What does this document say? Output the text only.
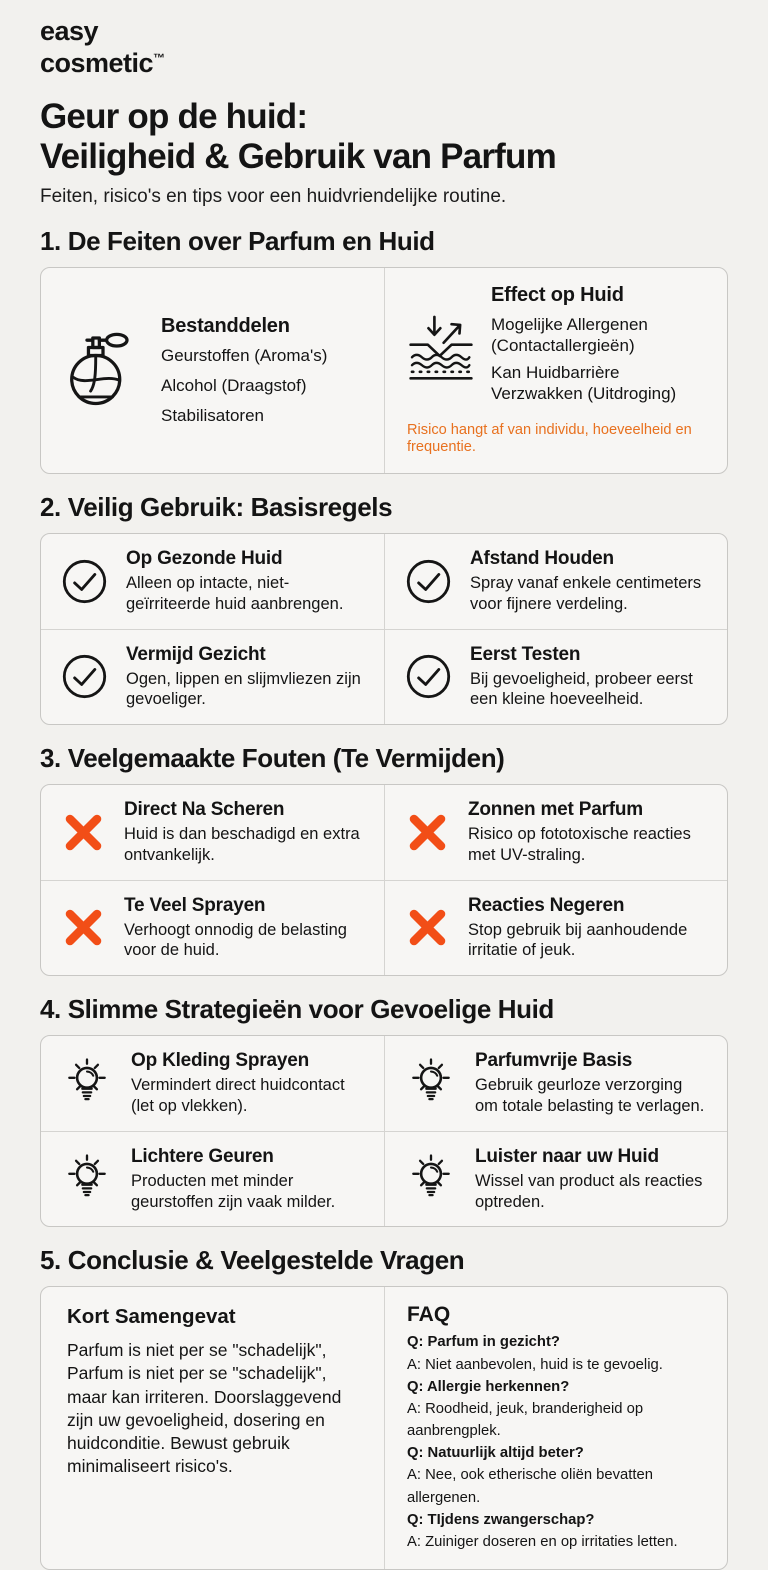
easy
cosmetic™
Geur op de huid:
Veiligheid & Gebruik van Parfum

Feiten, risico's en tips voor een huidvriendelijke routine.

1. De Feiten over Parfum en Huid
Bestanddelen
Geurstoffen (Aroma's)
Alcohol (Draagstof)
Stabilisatoren
Effect op Huid
Mogelijke Allergenen (Contactallergieën)
Kan Huidbarrière Verzwakken (Uitdroging)
Risico hangt af van individu, hoeveelheid en frequentie.
2. Veilig Gebruik: Basisregels
Op Gezonde Huid

Alleen op intacte, niet-geïrriteerde huid aanbrengen.

Afstand Houden

Spray vanaf enkele centimeters voor fijnere verdeling.

Vermijd Gezicht

Ogen, lippen en slijmvliezen zijn gevoeliger.

Eerst Testen

Bij gevoeligheid, probeer eerst een kleine hoeveelheid.

3. Veelgemaakte Fouten (Te Vermijden)
Direct Na Scheren

Huid is dan beschadigd en extra ontvankelijk.

Zonnen met Parfum

Risico op fototoxische reacties met UV-straling.

Te Veel Sprayen

Verhoogt onnodig de belasting voor de huid.

Reacties Negeren

Stop gebruik bij aanhoudende irritatie of jeuk.

4. Slimme Strategieën voor Gevoelige Huid
Op Kleding Sprayen

Vermindert direct huidcontact (let op vlekken).

Parfumvrije Basis

Gebruik geurloze verzorging om totale belasting te verlagen.

Lichtere Geuren

Producten met minder geurstoffen zijn vaak milder.

Luister naar uw Huid

Wissel van product als reacties optreden.

5. Conclusie & Veelgestelde Vragen
Kort Samengevat
Parfum is niet per se "schadelijk",
Parfum is niet per se "schadelijk", maar kan irriteren. Doorslaggevend zijn uw gevoeligheid, dosering en huidconditie. Bewust gebruik minimaliseert risico's.
FAQ
Q: Parfum in gezicht?
A: Niet aanbevolen, huid is te gevoelig.
Q: Allergie herkennen?
A: Roodheid, jeuk, branderigheid op aanbrengplek.
Q: Natuurlijk altijd beter?
A: Nee, ook etherische oliën bevatten allergenen.
Q: TIjdens zwangerschap?
A: Zuiniger doseren en op irritaties letten.
